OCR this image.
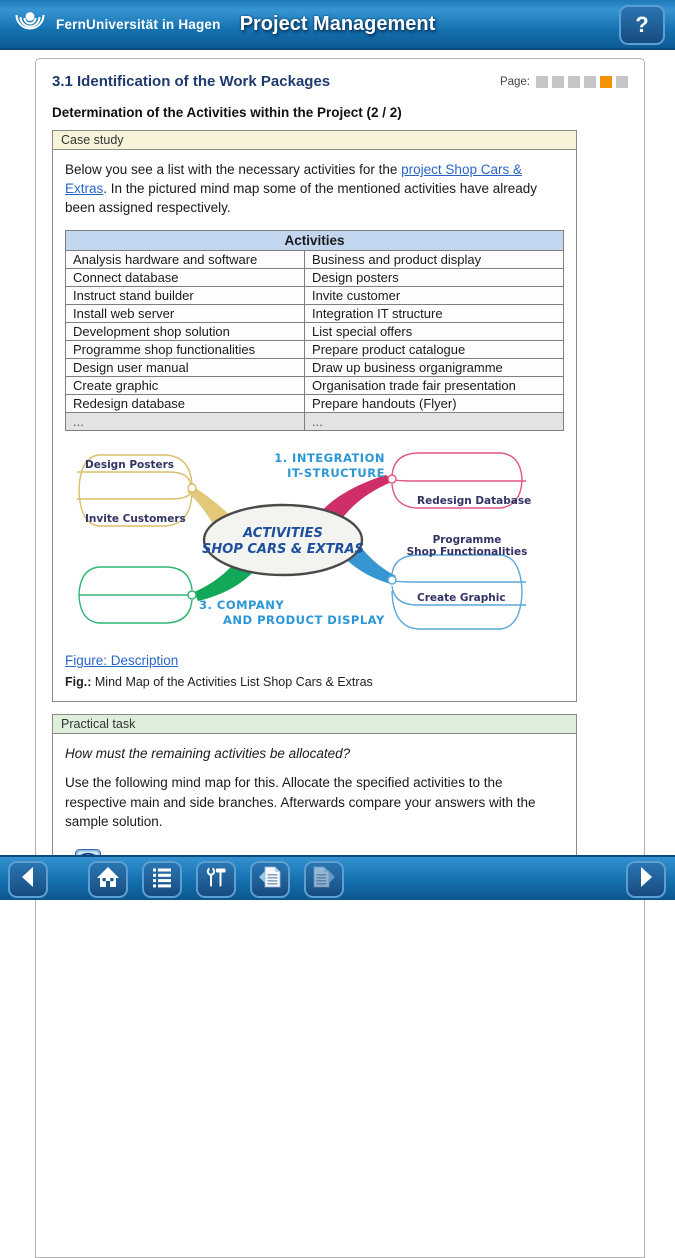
Project Management
FernUniversität in Hagen	?
3.1 Identification of the Work Packages	Page:
Determination of the Activities within the Project (2 / 2)
Case study

Below you see a list with the necessary activities for the project Shop Cars & Extras. In the pictured mind map some of the mentioned activities have already been assigned respectively.

Activities	
Analysis hardware and software	Business and product display
Connect database	Design posters
Instruct stand builder	Invite customer
Install web server	Integration IT structure
Development shop solution	List special offers
Programme shop functionalities	Prepare product catalogue
Design user manual	Draw up business organigramme
Create graphic	Organisation trade fair presentation
Redesign database	Prepare handouts (Flyer)
...	...
ACTIVITIES
SHOP CARS & EXTRAS
Design Posters
Invite Customers
1. INTEGRATION
IT-STRUCTURE
Redesign Database
Programme
Shop Functionalities
Create Graphic
3. COMPANY
AND PRODUCT DISPLAY
Figure: Description
Fig.: Mind Map of the Activities List Shop Cars & Extras
Practical task

How must the remaining activities be allocated?

Use the following mind map for this. Allocate the specified activities to the respective main and side branches. Afterwards compare your answers with the sample solution.
